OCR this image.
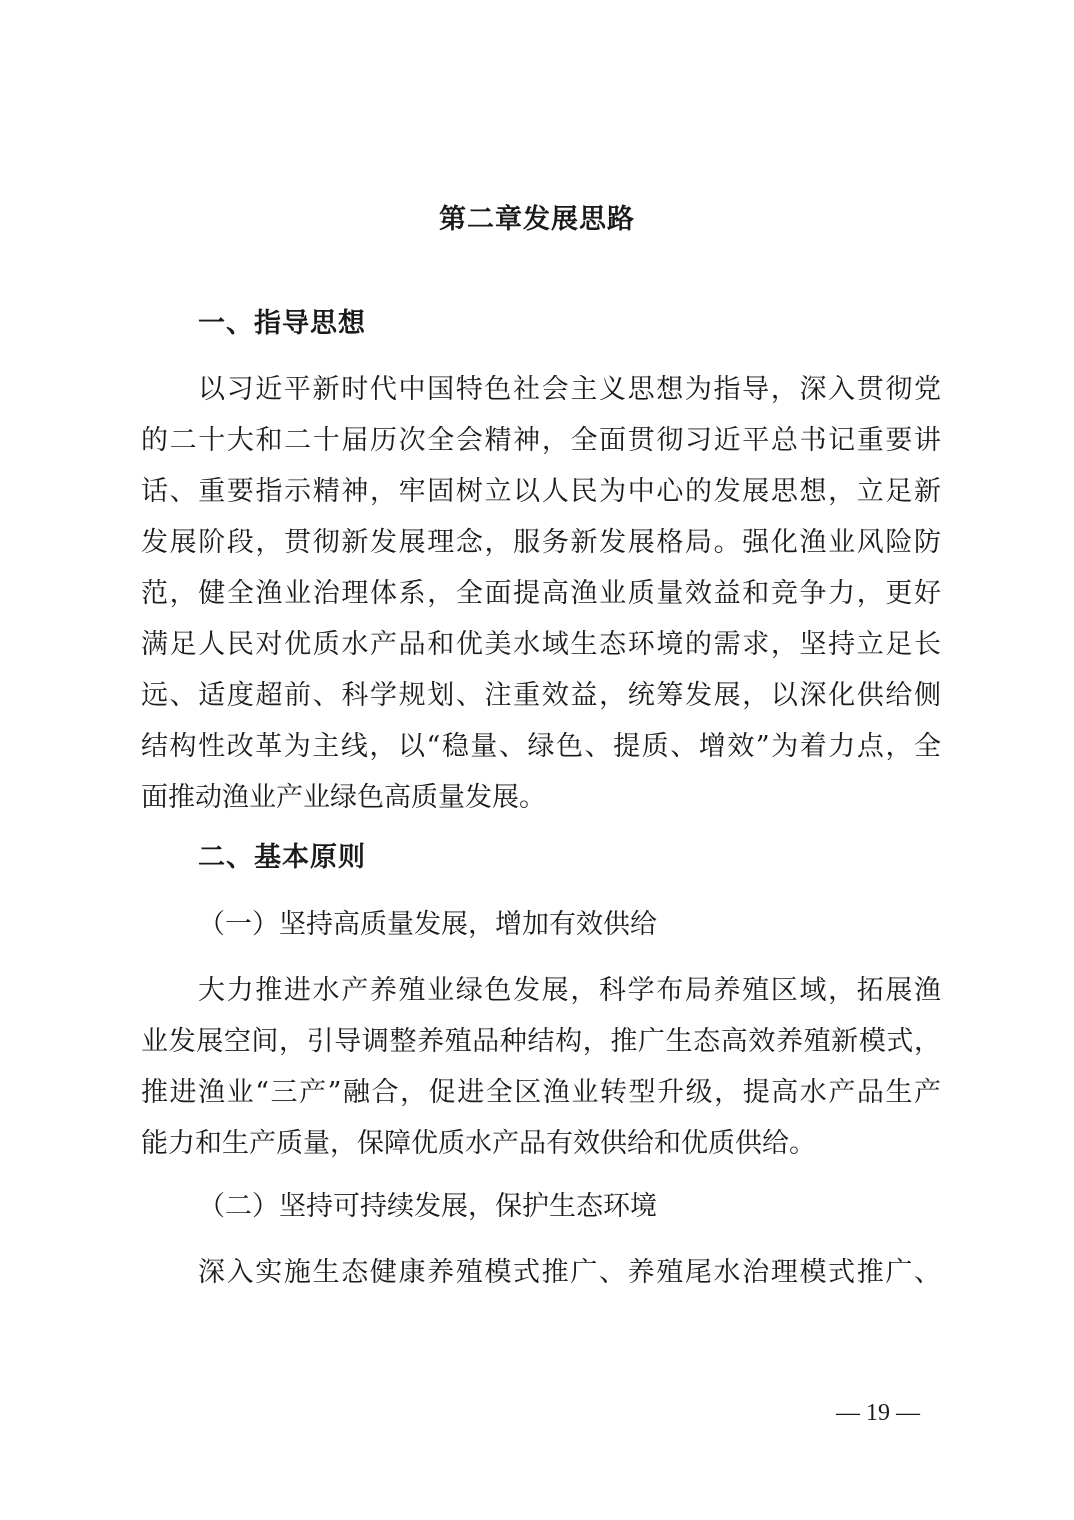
第二章发展思路
一、指导思想
以习近平新时代中国特色社会主义思想为指导，深入贯彻党
的二十大和二十届历次全会精神，全面贯彻习近平总书记重要讲
话、重要指示精神，牢固树立以人民为中心的发展思想，立足新
发展阶段，贯彻新发展理念，服务新发展格局。强化渔业风险防
范，健全渔业治理体系，全面提高渔业质量效益和竞争力，更好
满足人民对优质水产品和优美水域生态环境的需求，坚持立足长
远、适度超前、科学规划、注重效益，统筹发展，以深化供给侧
结构性改革为主线，以“稳量、绿色、提质、增效”为着力点，全
面推动渔业产业绿色高质量发展。
二、基本原则
（一）坚持高质量发展，增加有效供给
大力推进水产养殖业绿色发展，科学布局养殖区域，拓展渔
业发展空间，引导调整养殖品种结构，推广生态高效养殖新模式，
推进渔业“三产”融合，促进全区渔业转型升级，提高水产品生产
能力和生产质量，保障优质水产品有效供给和优质供给。
（二）坚持可持续发展，保护生态环境
深入实施生态健康养殖模式推广、养殖尾水治理模式推广、
— 19 —
